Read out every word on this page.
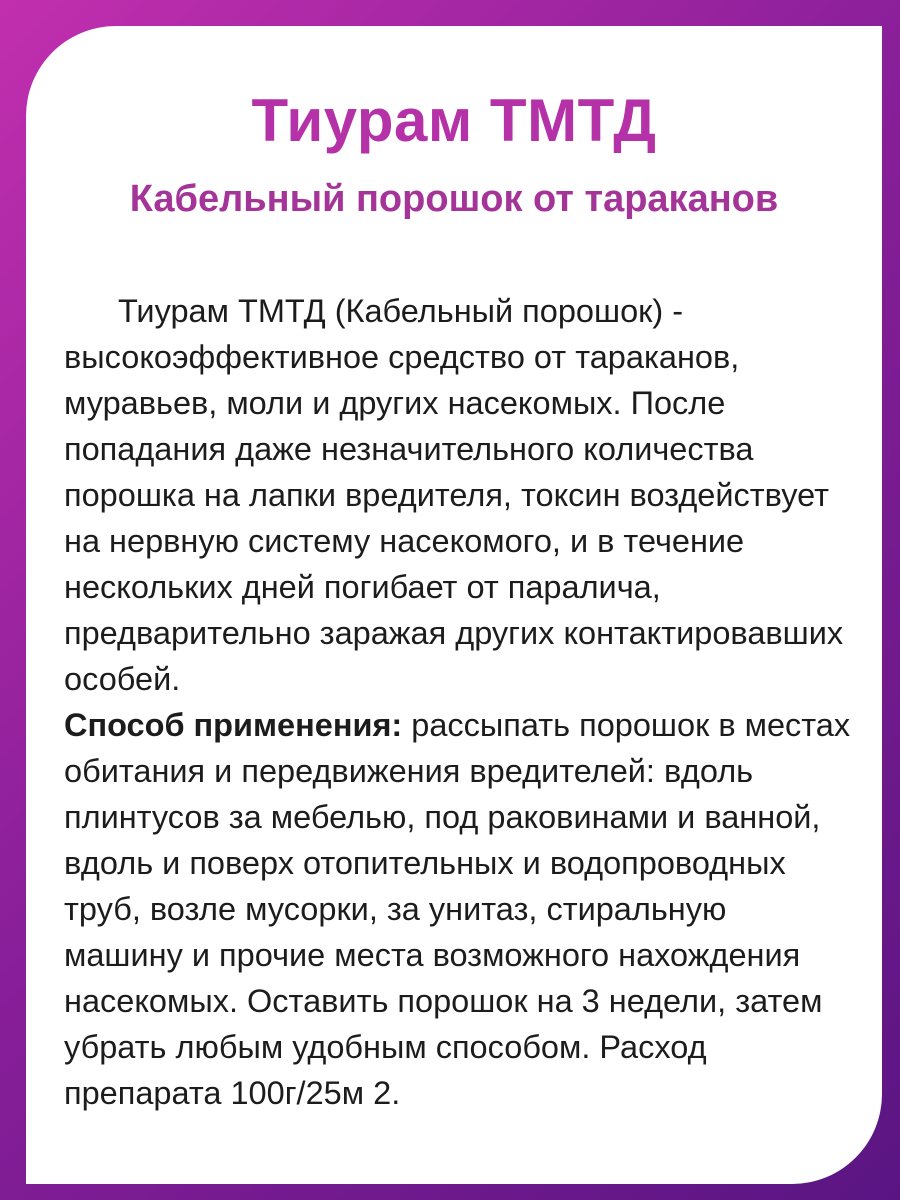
Тиурам ТМТД
Кабельный порошок от тараканов

Тиурам ТМТД (Кабельный порошок) - высокоэффективное средство от тараканов, муравьев, моли и других насекомых. После попадания даже незначительного количества порошка на лапки вредителя, токсин воздействует на нервную систему насекомого, и в течение нескольких дней погибает от паралича, предварительно заражая других контактировавших особей.

Способ применения: рассыпать порошок в местах обитания и передвижения вредителей: вдоль плинтусов за мебелью, под раковинами и ванной, вдоль и поверх отопительных и водопроводных труб, возле мусорки, за унитаз, стиральную машину и прочие места возможного нахождения насекомых. Оставить порошок на 3 недели, затем убрать любым удобным способом. Расход препарата 100г/25м 2.
